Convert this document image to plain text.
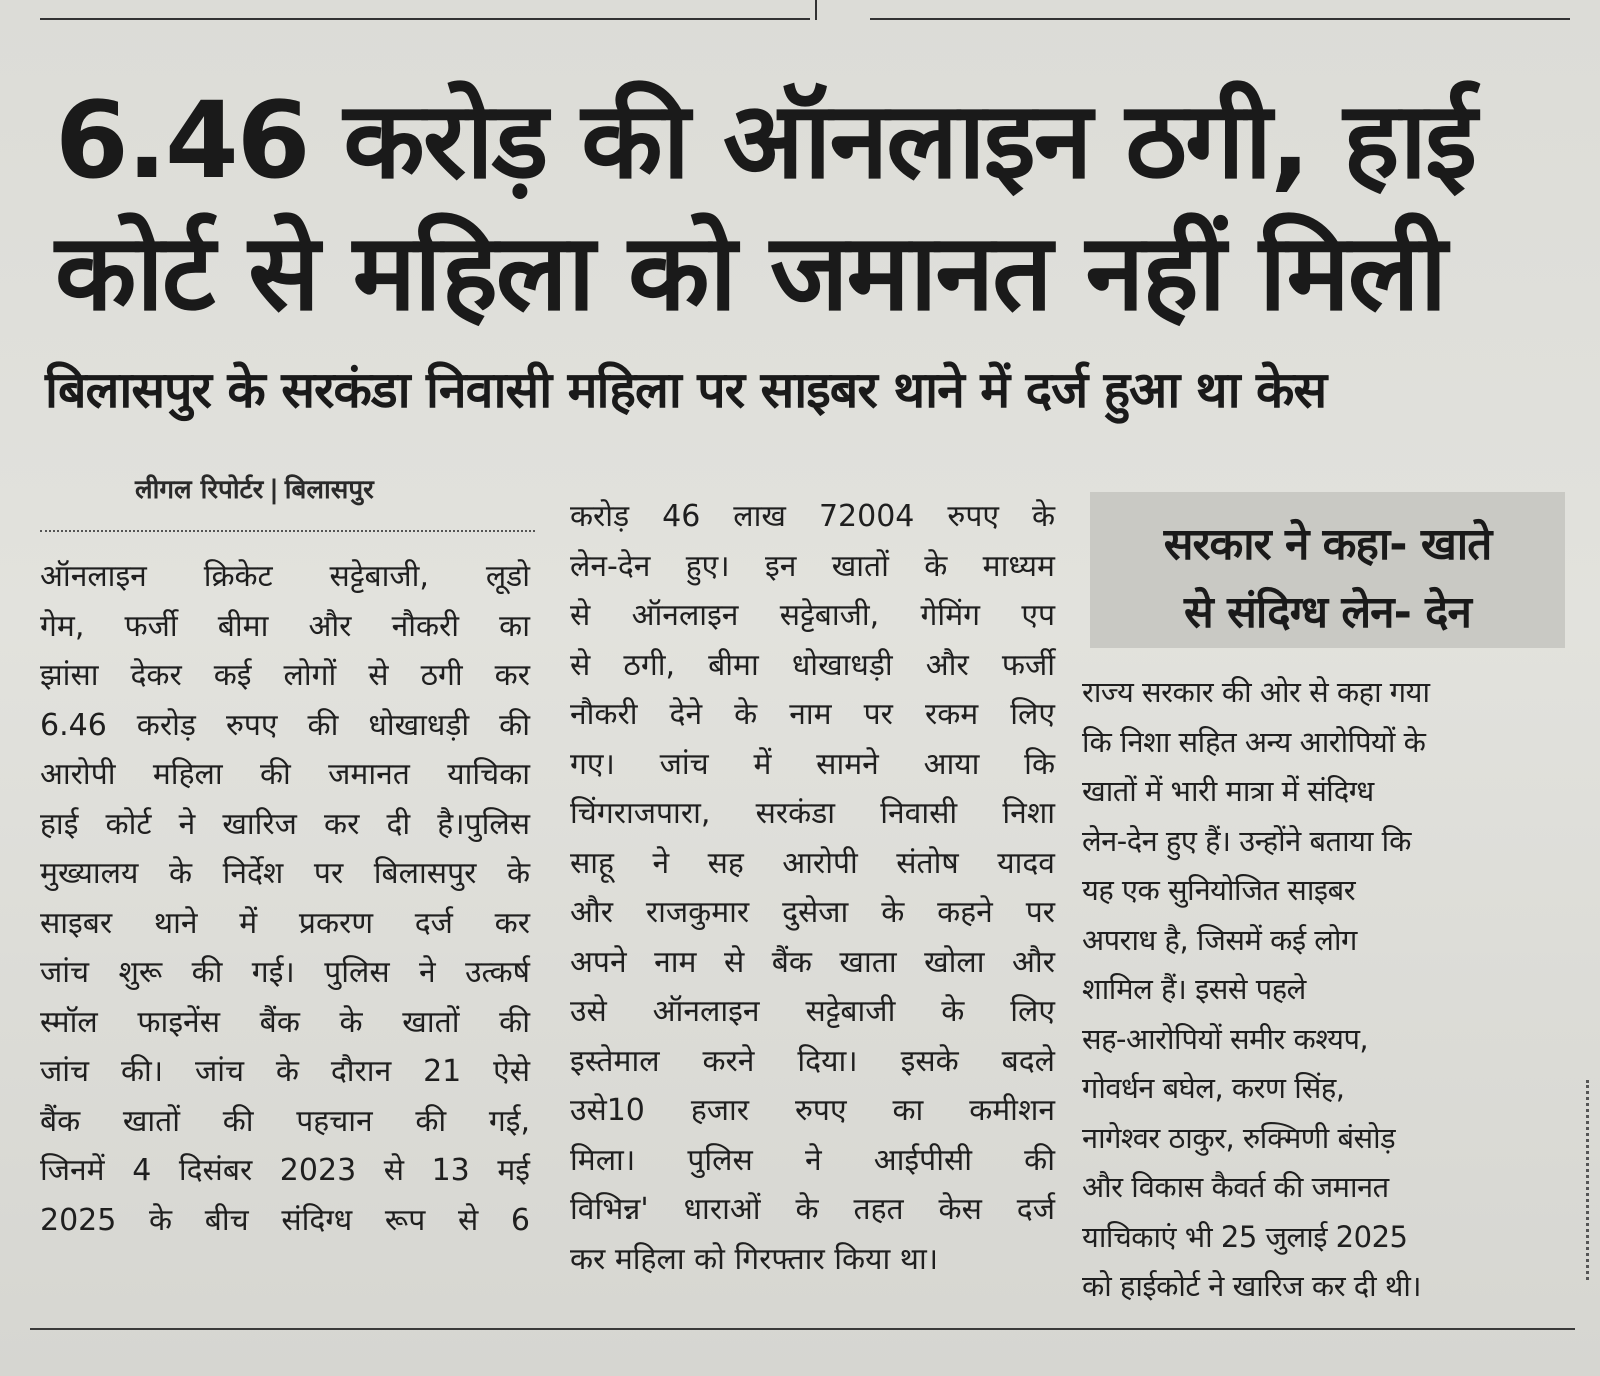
6.46 करोड़ की ऑनलाइन ठगी, हाई
कोर्ट से महिला को जमानत नहीं मिली
बिलासपुर के सरकंडा निवासी महिला पर साइबर थाने में दर्ज हुआ था केस
लीगल रिपोर्टर | बिलासपुर
ऑनलाइन क्रिकेट सट्टेबाजी, लूडो
गेम, फर्जी बीमा और नौकरी का
झांसा देकर कई लोगों से ठगी कर
6.46 करोड़ रुपए की धोखाधड़ी की
आरोपी महिला की जमानत याचिका
हाई कोर्ट ने खारिज कर दी है।पुलिस
मुख्यालय के निर्देश पर बिलासपुर के
साइबर थाने में प्रकरण दर्ज कर
जांच शुरू की गई। पुलिस ने उत्कर्ष
स्मॉल फाइनेंस बैंक के खातों की
जांच की। जांच के दौरान 21 ऐसे
बैंक खातों की पहचान की गई,
जिनमें 4 दिसंबर 2023 से 13 मई
2025 के बीच संदिग्ध रूप से 6
करोड़ 46 लाख 72004 रुपए के
लेन-देन हुए। इन खातों के माध्यम
से ऑनलाइन सट्टेबाजी, गेमिंग एप
से ठगी, बीमा धोखाधड़ी और फर्जी
नौकरी देने के नाम पर रकम लिए
गए। जांच में सामने आया कि
चिंगराजपारा, सरकंडा निवासी निशा
साहू ने सह आरोपी संतोष यादव
और राजकुमार दुसेजा के कहने पर
अपने नाम से बैंक खाता खोला और
उसे ऑनलाइन सट्टेबाजी के लिए
इस्तेमाल करने दिया। इसके बदले
उसे10 हजार रुपए का कमीशन
मिला। पुलिस ने आईपीसी की
विभिन्न' धाराओं के तहत केस दर्ज
कर महिला को गिरफ्तार किया था।
सरकार ने कहा- खाते
से संदिग्ध लेन- देन
राज्य सरकार की ओर से कहा गया
कि निशा सहित अन्य आरोपियों के
खातों में भारी मात्रा में संदिग्ध
लेन-देन हुए हैं। उन्होंने बताया कि
यह एक सुनियोजित साइबर
अपराध है, जिसमें कई लोग
शामिल हैं। इससे पहले
सह-आरोपियों समीर कश्यप,
गोवर्धन बघेल, करण सिंह,
नागेश्वर ठाकुर, रुक्मिणी बंसोड़
और विकास कैवर्त की जमानत
याचिकाएं भी 25 जुलाई 2025
को हाईकोर्ट ने खारिज कर दी थी।
